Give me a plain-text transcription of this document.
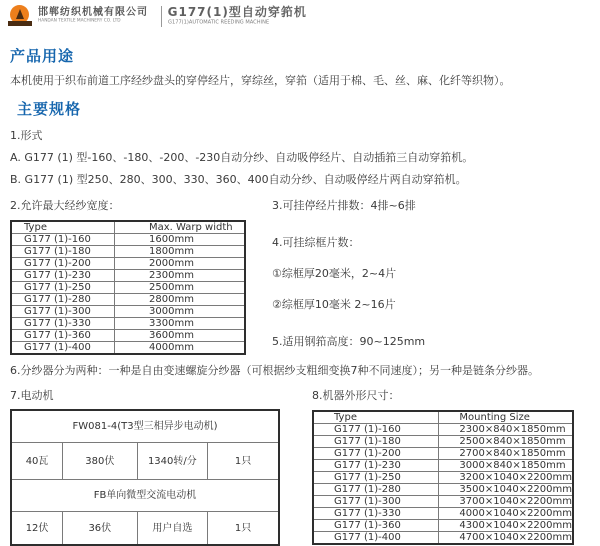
邯郸纺织机械有限公司
HANDAN TEXTILE MACHINERY CO. LTD
G177(1)型自动穿筘机
G177(1)AUTOMATIC REEDING MACHINE
产品用途
本机使用于织布前道工序经纱盘头的穿停经片，穿综丝，穿筘（适用于棉、毛、丝、麻、化纤等织物）。
主要规格
1.形式
A. G177 (1) 型-160、-180、-200、-230自动分纱、自动吸停经片、自动插筘三自动穿筘机。
B. G177 (1) 型250、280、300、330、360、400自动分纱、自动吸停经片两自动穿筘机。
2.允许最大经纱宽度：
Type	Max. Warp width
G177 (1)-160	1600mm
G177 (1)-180	1800mm
G177 (1)-200	2000mm
G177 (1)-230	2300mm
G177 (1)-250	2500mm
G177 (1)-280	2800mm
G177 (1)-300	3000mm
G177 (1)-330	3300mm
G177 (1)-360	3600mm
G177 (1)-400	4000mm
3.可挂停经片排数：4排~6排
4.可挂综框片数：
①综框厚20毫米，2~4片
②综框厚10毫米 2~16片
5.适用钢筘高度：90~125mm
6.分纱器分为两种：一种是自由变速螺旋分纱器（可根据纱支粗细变换7种不同速度）；另一种是链条分纱器。
7.电动机
FW081-4(T3型三相异步电动机)			
40瓦	380伏	1340转/分	1只
FB单向微型交流电动机			
12伏	36伏	用户自选	1只
8.机器外形尺寸：
Type	Mounting Size
G177 (1)-160	2300×840×1850mm
G177 (1)-180	2500×840×1850mm
G177 (1)-200	2700×840×1850mm
G177 (1)-230	3000×840×1850mm
G177 (1)-250	3200×1040×2200mm
G177 (1)-280	3500×1040×2200mm
G177 (1)-300	3700×1040×2200mm
G177 (1)-330	4000×1040×2200mm
G177 (1)-360	4300×1040×2200mm
G177 (1)-400	4700×1040×2200mm
